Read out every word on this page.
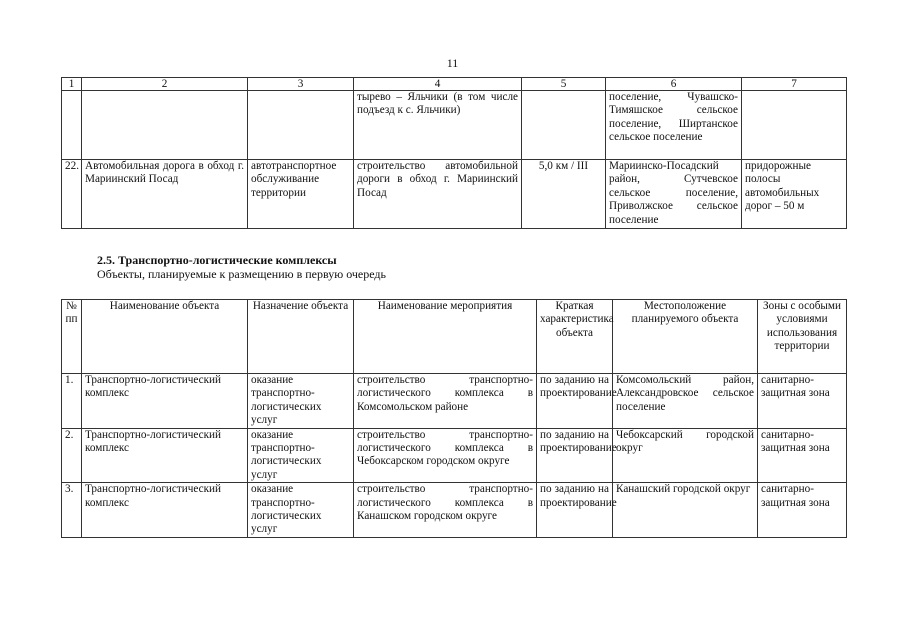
11
1	2	3	4	5	6	7
			тырево – Яльчики (в том числе подъезд к с. Яльчики)		поселение, Чувашско-Тимяшское сельское поселение, Ширтанское сельское поселение	
22.	Автомобильная дорога в обход г. Мариинский Посад	автотранспортное обслуживание территории	строительство автомобильной дороги в обход г. Мариинский Посад	5,0 км / III	Мариинско-Посадский район, Сутчевское сельское поселение, Приволжское сельское поселение	придорожные полосы автомобильных дорог – 50 м
2.5. Транспортно-логистические комплексы
Объекты, планируемые к размещению в первую очередь
№ пп	Наименование объекта	Назначение объекта	Наименование мероприятия	Краткая характеристика объекта	Местоположение планируемого объекта	Зоны с особыми условиями использования территории
1.	Транспортно-логистический комплекс	оказание транспортно-логистических услуг	строительство транспортно-логистического комплекса в Комсомольском районе	по заданию на проектирование	Комсомольский район, Александровское сельское поселение	санитарно-защитная зона
2.	Транспортно-логистический комплекс	оказание транспортно-логистических услуг	строительство транспортно-логистического комплекса в Чебоксарском городском округе	по заданию на проектирование	Чебоксарский городской округ	санитарно-защитная зона
3.	Транспортно-логистический комплекс	оказание транспортно-логистических услуг	строительство транспортно-логистического комплекса в Канашском городском округе	по заданию на проектирование	Канашский городской округ	санитарно-защитная зона
